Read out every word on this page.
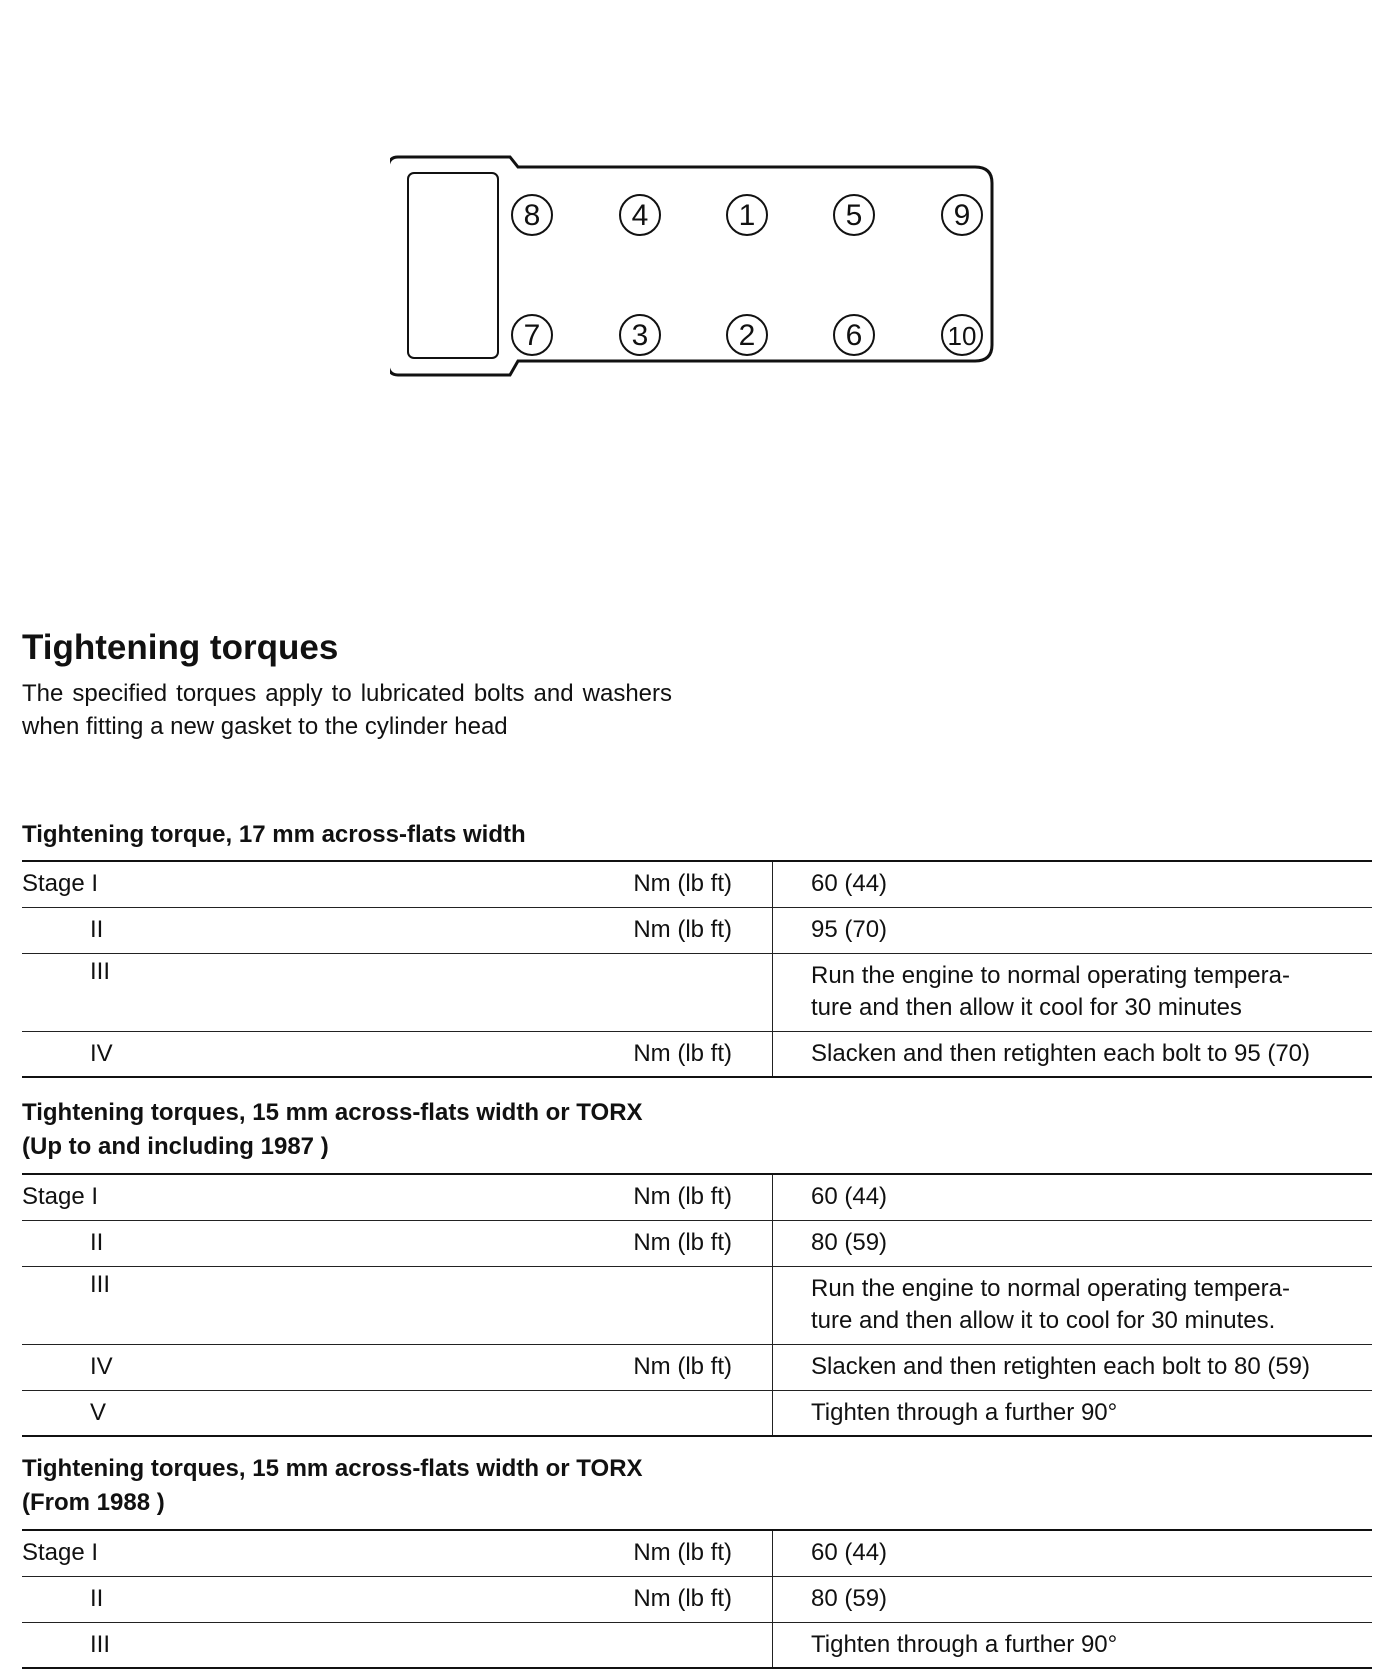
8	4	1	5	9
7	3	2	6	10
Tightening torques

The specified torques apply to lubricated bolts and washers when fitting a new gasket to the cylinder head

Tightening torque, 17 mm across-flats width
Stage I	Nm (lb ft)	60 (44)
II	Nm (lb ft)	95 (70)
III		Run the engine to normal operating tempera-
ture and then allow it cool for 30 minutes
IV	Nm (lb ft)	Slacken and then retighten each bolt to 95 (70)
Tightening torques, 15 mm across-flats width or TORX
(Up to and including 1987 )
Stage I	Nm (lb ft)	60 (44)
II	Nm (lb ft)	80 (59)
III		Run the engine to normal operating tempera-
ture and then allow it to cool for 30 minutes.
IV	Nm (lb ft)	Slacken and then retighten each bolt to 80 (59)
V		Tighten through a further 90°
Tightening torques, 15 mm across-flats width or TORX
(From 1988 )
Stage I	Nm (lb ft)	60 (44)
II	Nm (lb ft)	80 (59)
III		Tighten through a further 90°
